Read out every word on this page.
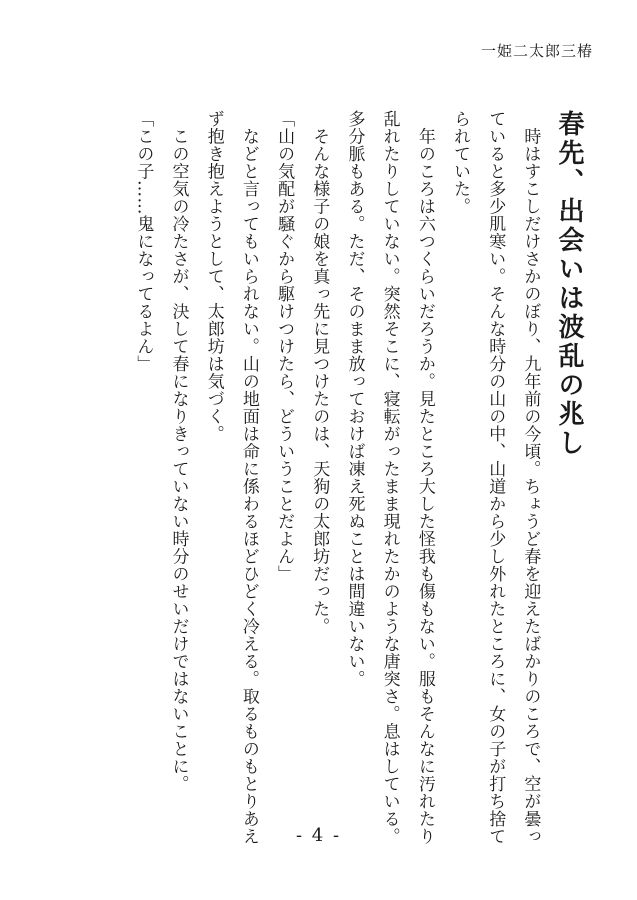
一姫二太郎三椿
春先、出会いは波乱の兆し
　時はすこしだけさかのぼり、九年前の今頃。ちょうど春を迎えたばかりのころで、空が曇っ
ていると多少肌寒い。そんな時分の山の中、山道から少し外れたところに、女の子が打ち捨て
られていた。
　年のころは六つくらいだろうか。見たところ大した怪我も傷もない。服もそんなに汚れたり
乱れたりしていない。突然そこに、寝転がったまま現れたかのような唐突さ。息はしている。
多分脈もある。ただ、そのまま放っておけば凍え死ぬことは間違いない。
　そんな様子の娘を真っ先に見つけたのは、天狗の太郎坊だった。
「山の気配が騒ぐから駆けつけたら、どういうことだよん」
　などと言ってもいられない。山の地面は命に係わるほどひどく冷える。取るものもとりあえ
ず抱き抱えようとして、太郎坊は気づく。
　この空気の冷たさが、決して春になりきっていない時分のせいだけではないことに。
「この子……鬼になってるよん」
- 4 -
